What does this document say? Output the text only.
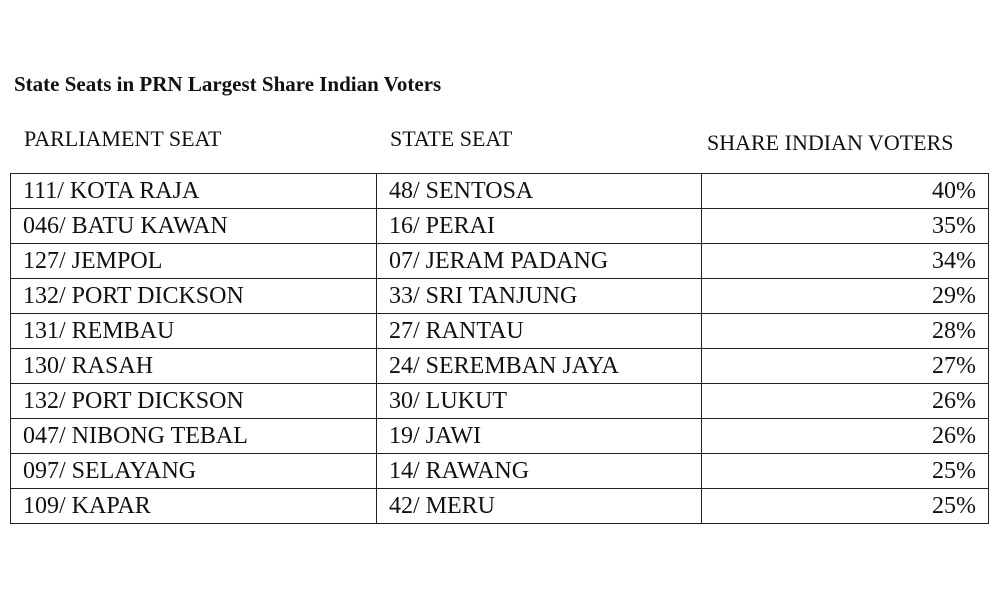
State Seats in PRN Largest Share Indian Voters
PARLIAMENT SEAT	STATE SEAT	SHARE INDIAN VOTERS
111/ KOTA RAJA	48/ SENTOSA	40%
046/ BATU KAWAN	16/ PERAI	35%
127/ JEMPOL	07/ JERAM PADANG	34%
132/ PORT DICKSON	33/ SRI TANJUNG	29%
131/ REMBAU	27/ RANTAU	28%
130/ RASAH	24/ SEREMBAN JAYA	27%
132/ PORT DICKSON	30/ LUKUT	26%
047/ NIBONG TEBAL	19/ JAWI	26%
097/ SELAYANG	14/ RAWANG	25%
109/ KAPAR	42/ MERU	25%
